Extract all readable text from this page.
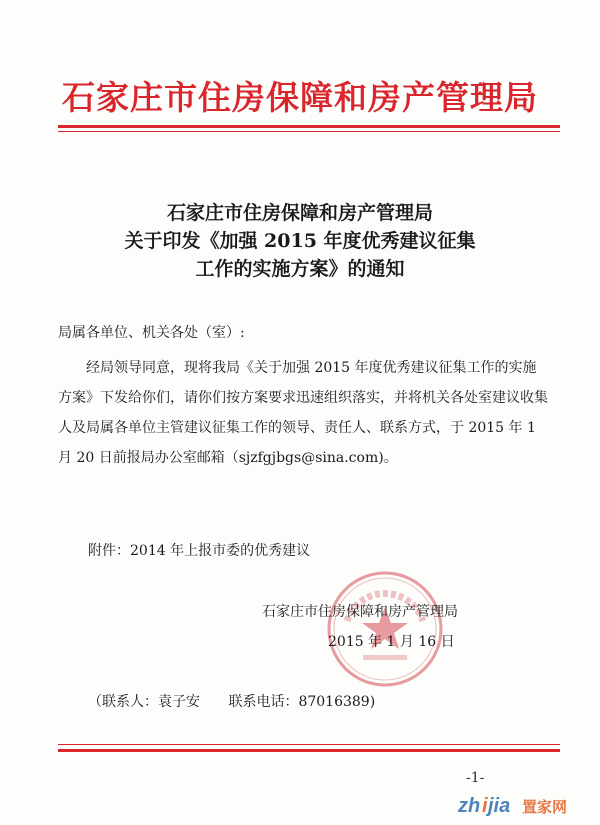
石家庄市住房保障和房产管理局
石家庄市住房保障和房产管理局
关于印发《加强 2015 年度优秀建议征集
工作的实施方案》的通知
局属各单位、机关各处（室）:
经局领导同意，现将我局《关于加强 2015 年度优秀建议征集工作的实施方案》下发给你们，请你们按方案要求迅速组织落实，并将机关各处室建议收集人及局属各单位主管建议征集工作的领导、责任人、联系方式，于 2015 年 1 月 20 日前报局办公室邮箱（sjzfgjbgs@sina.com)。
附件：2014 年上报市委的优秀建议
石家庄市住房保障和房产管理局
2015 年 1 月 16 日
（联系人：袁子安 联系电话：87016389)
-1-
zh i jia 置家网
